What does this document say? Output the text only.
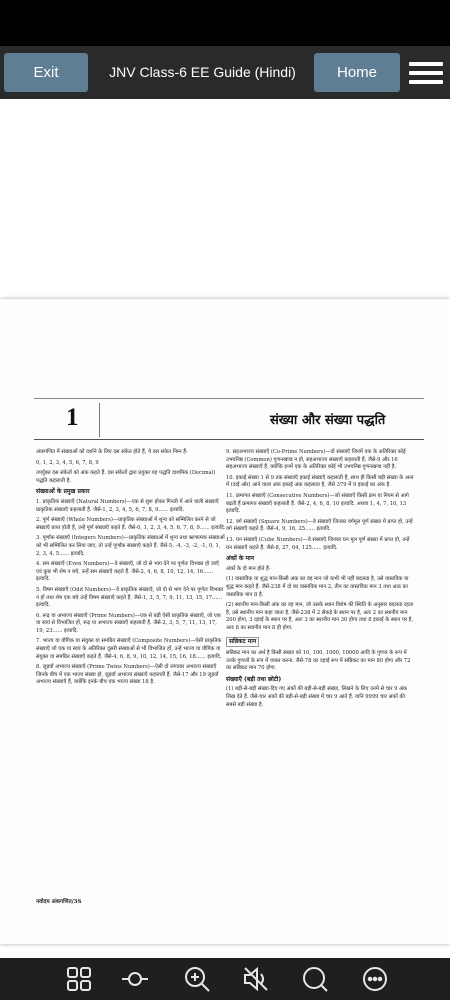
Exit	JNV Class-6 EE Guide (Hindi)	Home
1	संख्या और संख्या पद्धति
अंकगणित में संख्याओं को दर्शाने के लिए दस संकेत होते हैं, ये दस संकेत निम्न हैं-
0, 1, 2, 3, 4, 5, 6, 7, 8, 9
उपर्युक्त दस संकेतों को अंक कहते हैं. दस संकेतों द्वारा प्रयुक्त यह पद्धति दाशमिक (Decimal) पद्धति कहलाती है.
संख्याओं के प्रमुख प्रकार
1. प्राकृतिक संख्याएँ (Natural Numbers)—एक से शुरू होकर गिनती में आने वाली संख्याएँ प्राकृतिक संख्याएँ कहलाती हैं. जैसे-1, 2, 3, 4, 5, 6, 7, 8, 9...... इत्यादि.
2. पूर्ण संख्याएँ (Whole Numbers)—प्राकृतिक संख्याओं में शून्य को सम्मिलित करने से जो संख्याएँ प्राप्त होती हैं, उन्हें पूर्ण संख्याएँ कहते हैं. जैसे-0, 1, 2, 3, 4, 5, 6, 7, 8, 9...... इत्यादि.
3. पूर्णांक संख्याएँ (Integers Numbers)—प्राकृतिक संख्याओं में शून्य तथा ऋणात्मक संख्याओं को भी सम्मिलित कर लिया जाए, तो उन्हें पूर्णांक संख्याएँ कहते हैं. जैसे-5, -4, -3, -2, -1, 0, 1, 2, 3, 4, 5...... इत्यादि.
4. सम संख्याएँ (Even Numbers)—वे संख्याएँ, जो दो से भाग देने पर पूर्णतः विभक्त हो जाएँ एवं कुछ भी शेष न बचे, उन्हें सम संख्याएँ कहते हैं. जैसे-2, 4, 6, 8, 10, 12, 14, 16...... इत्यादि.
5. विषम संख्याएँ (Odd Numbers)—वे प्राकृतिक संख्याएँ, जो दो से भाग देने पर पूर्णतः विभक्त न हों तथा शेष एक बचे उन्हें विषम संख्याएँ कहते हैं. जैसे-1, 3, 5, 7, 9, 11, 13, 15, 17...... इत्यादि.
6. रूढ़ या अभाज्य संख्याएँ (Prime Numbers)—एक से बड़ी ऐसी प्राकृतिक संख्याएँ, जो एक या स्वयं से विभाजित हों, रूढ़ या अभाज्य संख्याएँ कहलाती हैं. जैसे-2, 3, 5, 7, 11, 13, 17, 19, 23...... इत्यादि.
7. भाज्य या यौगिक या संयुक्त या समग्रित संख्याएँ (Composite Numbers)—ऐसी प्राकृतिक संख्याएँ जो एक या स्वयं के अतिरिक्त दूसरी संख्याओं से भी विभाजित हों, उन्हें भाज्य या यौगिक या संयुक्त या समग्रित संख्याएँ कहते हैं. जैसे-4, 6, 8, 9, 10, 12, 14, 15, 16, 18...... इत्यादि.
8. जुड़वाँ अभाज्य संख्याएँ (Prime Twins Numbers)—ऐसी दो लगातार अभाज्य संख्याएँ जिनके बीच में एक भाज्य संख्या हो, जुड़वाँ अभाज्य संख्याएँ कहलाती हैं. जैसे-17 और 19 जुड़वाँ अभाज्य संख्याएँ हैं, क्योंकि इनके बीच एक भाज्य संख्या 18 है.
9. सहअभाज्य संख्याएँ (Co-Prime Numbers)—दो संख्याएँ जिनमें एक के अतिरिक्त कोई उभयनिष्ठ (Common) गुणनखण्ड न हो, सहअभाज्य संख्याएँ कहलाती हैं. जैसे-9 और 16 सहअभाज्य संख्याएँ हैं, क्योंकि इनमें एक के अतिरिक्त कोई भी उभयनिष्ठ गुणनखण्ड नहीं है.
10. इकाई संख्या 1 से 9 तक संख्याएँ इकाई संख्याएँ कहलाती हैं, साथ ही किसी बड़ी संख्या के अन्त में (दाईं ओर) आने वाला अंक इकाई अंक कहलाता है, जैसे 379 में 9 इकाई का अंक है.
11. क्रमागत संख्याएँ (Consecutive Numbers)—जो संख्याएँ किसी क्रम या नियम से आगे बढ़ती हैं क्रमागत संख्याएँ कहलाती हैं. जैसे-2, 4, 6, 8, 10 इत्यादि. अथवा 1, 4, 7, 10, 13 इत्यादि.
12. वर्ग संख्याएँ (Square Numbers)—वे संख्याएँ जिनका वर्गमूल पूर्ण संख्या में प्राप्त हो, उन्हें वर्ग संख्याएँ कहते हैं. जैसे-4, 9, 16, 25...... इत्यादि.
13. घन संख्याएँ (Cube Numbers)—वे संख्याएँ जिनका घन मूल पूर्ण संख्या में प्राप्त हो, उन्हें घन संख्याएँ कहते हैं. जैसे-8, 27, 64, 125...... इत्यादि.
अंकों के मान
अंकों के दो मान होते हैं-
(1) वास्तविक या शुद्ध मान-किसी अंक का वह मान जो कभी भी नहीं बदलता है, उसे वास्तविक या शुद्ध मान कहते हैं. जैसे-238 में दो का वास्तविक मान 2, तीन का वास्तविक मान 3 तथा आठ का वास्तविक मान 8 है.
(2) स्थानीय मान-किसी अंक का वह मान, जो उसके स्थान विशेष की स्थिति के अनुसार बदलता रहता है, उसे स्थानीय मान कहा जाता है. जैसे-238 में 2 सैकड़े के स्थान पर है, अतः 2 का स्थानीय मान 200 होगा, 3 दहाई के स्थान पर है, अतः 3 का स्थानीय मान 30 होगा तथा 8 इकाई के स्थान पर है, अतः 8 का स्थानीय मान 8 ही होगा.
सन्निकट मान
सन्निकट मान का अर्थ है किसी संख्या को 10, 100, 1000, 10000 आदि के गुणज के रूप में उनके गुणजों के रूप में व्यक्त करना. जैसे-78 का दहाई रूप में सन्निकट का मान 80 होगा और 72 का सन्निकट मान 70 होगा.
संख्याएँ (बड़ी तथा छोटी)
(1) बड़ी-से-बड़ी संख्या-दिए गए अंकों की बड़ी-से-बड़ी संख्या, लिखने के लिए उनमें से चार 9 अंक लिख देते हैं. जैसे-चार अंकों की बड़ी-से-बड़ी संख्या में चार 9 आते हैं. यानि 9999 चार अंकों की सबसे बड़ी संख्या है.
नवोदय अंकगणित/3S
